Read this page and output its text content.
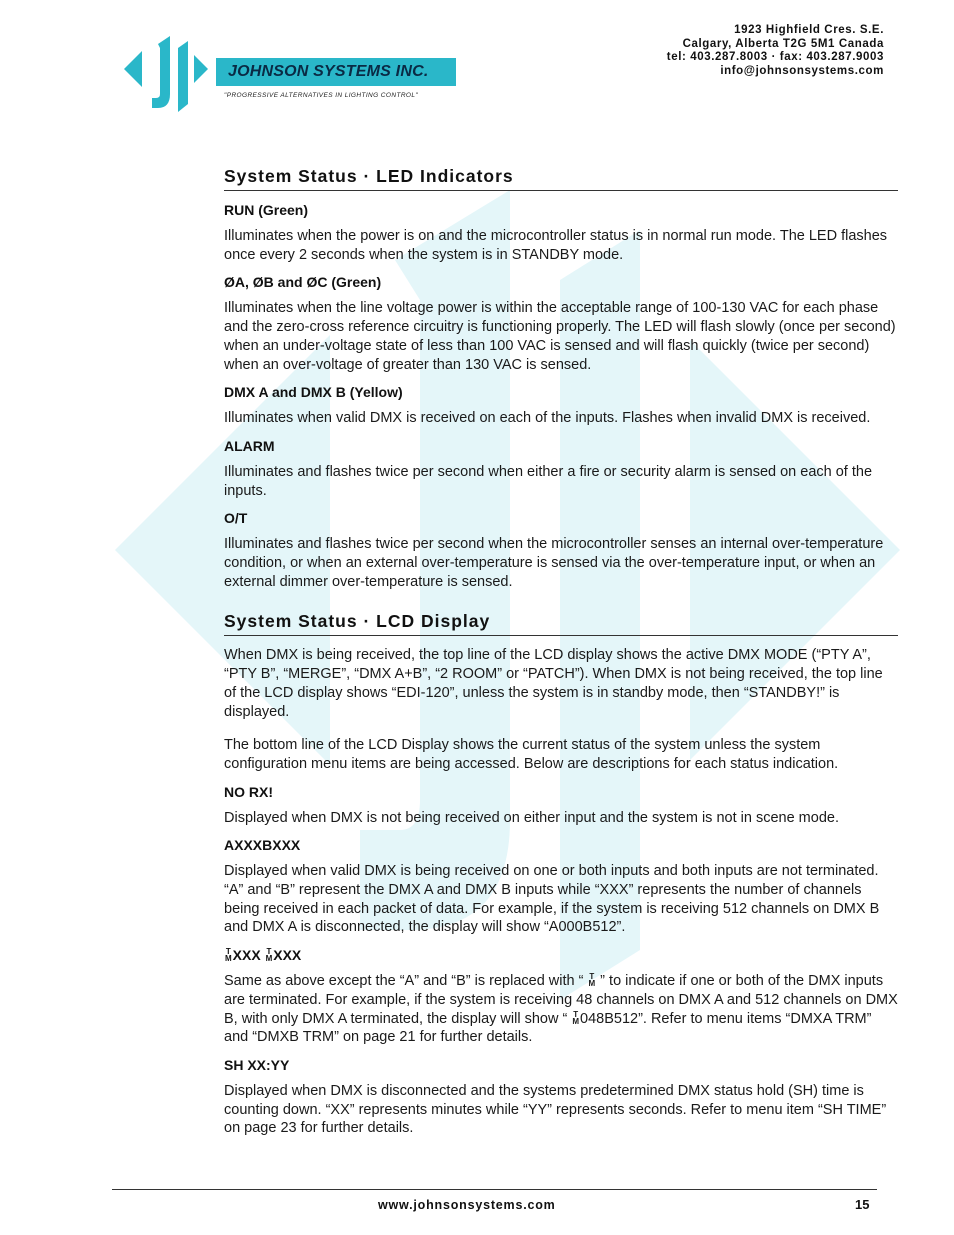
JOHNSON SYSTEMS INC.
"PROGRESSIVE ALTERNATIVES IN LIGHTING CONTROL"
1923 Highfield Cres. S.E.
Calgary, Alberta T2G 5M1 Canada
tel: 403.287.8003 · fax: 403.287.9003
info@johnsonsystems.com
System Status · LED Indicators
RUN (Green)

Illuminates when the power is on and the microcontroller status is in normal run mode. The LED flashes once every 2 seconds when the system is in STANDBY mode.

ØA, ØB and ØC (Green)

Illuminates when the line voltage power is within the acceptable range of 100-130 VAC for each phase and the zero-cross reference circuitry is functioning properly. The LED will flash slowly (once per second) when an under-voltage state of less than 100 VAC is sensed and will flash quickly (twice per second) when an over-voltage of greater than 130 VAC is sensed.

DMX A and DMX B (Yellow)

Illuminates when valid DMX is received on each of the inputs. Flashes when invalid DMX is received.

ALARM

Illuminates and flashes twice per second when either a fire or security alarm is sensed on each of the inputs.

O/T

Illuminates and flashes twice per second when the microcontroller senses an internal over-temperature condition, or when an external over-temperature is sensed via the over-temperature input, or when an external dimmer over-temperature is sensed.

System Status · LCD Display

When DMX is being received, the top line of the LCD display shows the active DMX MODE (“PTY A”, “PTY B”, “MERGE”, “DMX A+B”, “2 ROOM” or “PATCH”). When DMX is not being received, the top line of the LCD display shows “EDI-120”, unless the system is in standby mode, then “STANDBY!” is displayed.

The bottom line of the LCD Display shows the current status of the system unless the system configuration menu items are being accessed. Below are descriptions for each status indication.

NO RX!

Displayed when DMX is not being received on either input and the system is not in scene mode.

AXXXBXXX

Displayed when valid DMX is being received on one or both inputs and both inputs are not terminated. “A” and “B” represent the DMX A and DMX B inputs while “XXX” represents the number of channels being received in each packet of data. For example, if the system is receiving 512 channels on DMX B and DMX A is disconnected, the display will show “A000B512”.

T
MXXX T
MXXX

Same as above except the “A” and “B” is replaced with “ T
M ” to indicate if one or both of the DMX inputs are terminated. For example, if the system is receiving 48 channels on DMX A and 512 channels on DMX B, with only DMX A terminated, the display will show “ T
M048B512”. Refer to menu items “DMXA TRM” and “DMXB TRM” on page 21 for further details.

SH XX:YY

Displayed when DMX is disconnected and the systems predetermined DMX status hold (SH) time is counting down. “XX” represents minutes while “YY” represents seconds. Refer to menu item “SH TIME” on page 23 for further details.

www.johnsonsystems.com	15
